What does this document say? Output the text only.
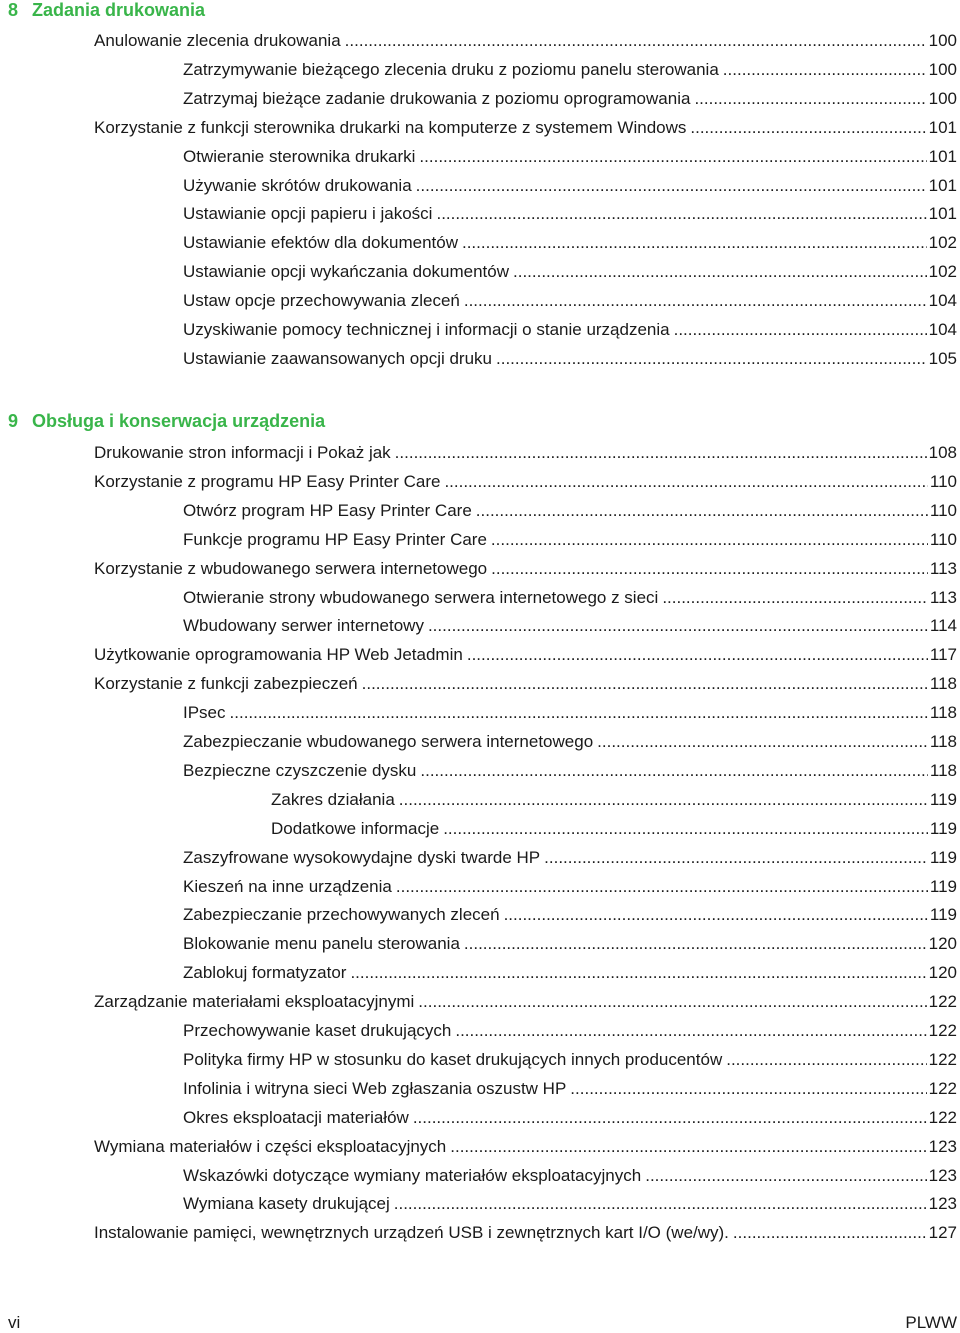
8 Zadania drukowania
9 Obsługa i konserwacja urządzenia
Anulowanie zlecenia drukowania .....	100
Zatrzymywanie bieżącego zlecenia druku z poziomu panelu sterowania .....	100
Zatrzymaj bieżące zadanie drukowania z poziomu oprogramowania .....	100
Korzystanie z funkcji sterownika drukarki na komputerze z systemem Windows .....	101
Otwieranie sterownika drukarki .....	101
Używanie skrótów drukowania .....	101
Ustawianie opcji papieru i jakości .....	101
Ustawianie efektów dla dokumentów .....	102
Ustawianie opcji wykańczania dokumentów .....	102
Ustaw opcje przechowywania zleceń .....	104
Uzyskiwanie pomocy technicznej i informacji o stanie urządzenia .....	104
Ustawianie zaawansowanych opcji druku .....	105
Drukowanie stron informacji i Pokaż jak .....	108
Korzystanie z programu HP Easy Printer Care .....	110
Otwórz program HP Easy Printer Care .....	110
Funkcje programu HP Easy Printer Care .....	110
Korzystanie z wbudowanego serwera internetowego .....	113
Otwieranie strony wbudowanego serwera internetowego z sieci .....	113
Wbudowany serwer internetowy .....	114
Użytkowanie oprogramowania HP Web Jetadmin .....	117
Korzystanie z funkcji zabezpieczeń .....	118
IPsec .....	118
Zabezpieczanie wbudowanego serwera internetowego .....	118
Bezpieczne czyszczenie dysku .....	118
Zakres działania .....	119
Dodatkowe informacje .....	119
Zaszyfrowane wysokowydajne dyski twarde HP .....	119
Kieszeń na inne urządzenia .....	119
Zabezpieczanie przechowywanych zleceń .....	119
Blokowanie menu panelu sterowania .....	120
Zablokuj formatyzator .....	120
Zarządzanie materiałami eksploatacyjnymi .....	122
Przechowywanie kaset drukujących .....	122
Polityka firmy HP w stosunku do kaset drukujących innych producentów .....	122
Infolinia i witryna sieci Web zgłaszania oszustw HP .....	122
Okres eksploatacji materiałów .....	122
Wymiana materiałów i części eksploatacyjnych .....	123
Wskazówki dotyczące wymiany materiałów eksploatacyjnych .....	123
Wymiana kasety drukującej .....	123
Instalowanie pamięci, wewnętrznych urządzeń USB i zewnętrznych kart I/O (we/wy). .....	127
vi	PLWW
